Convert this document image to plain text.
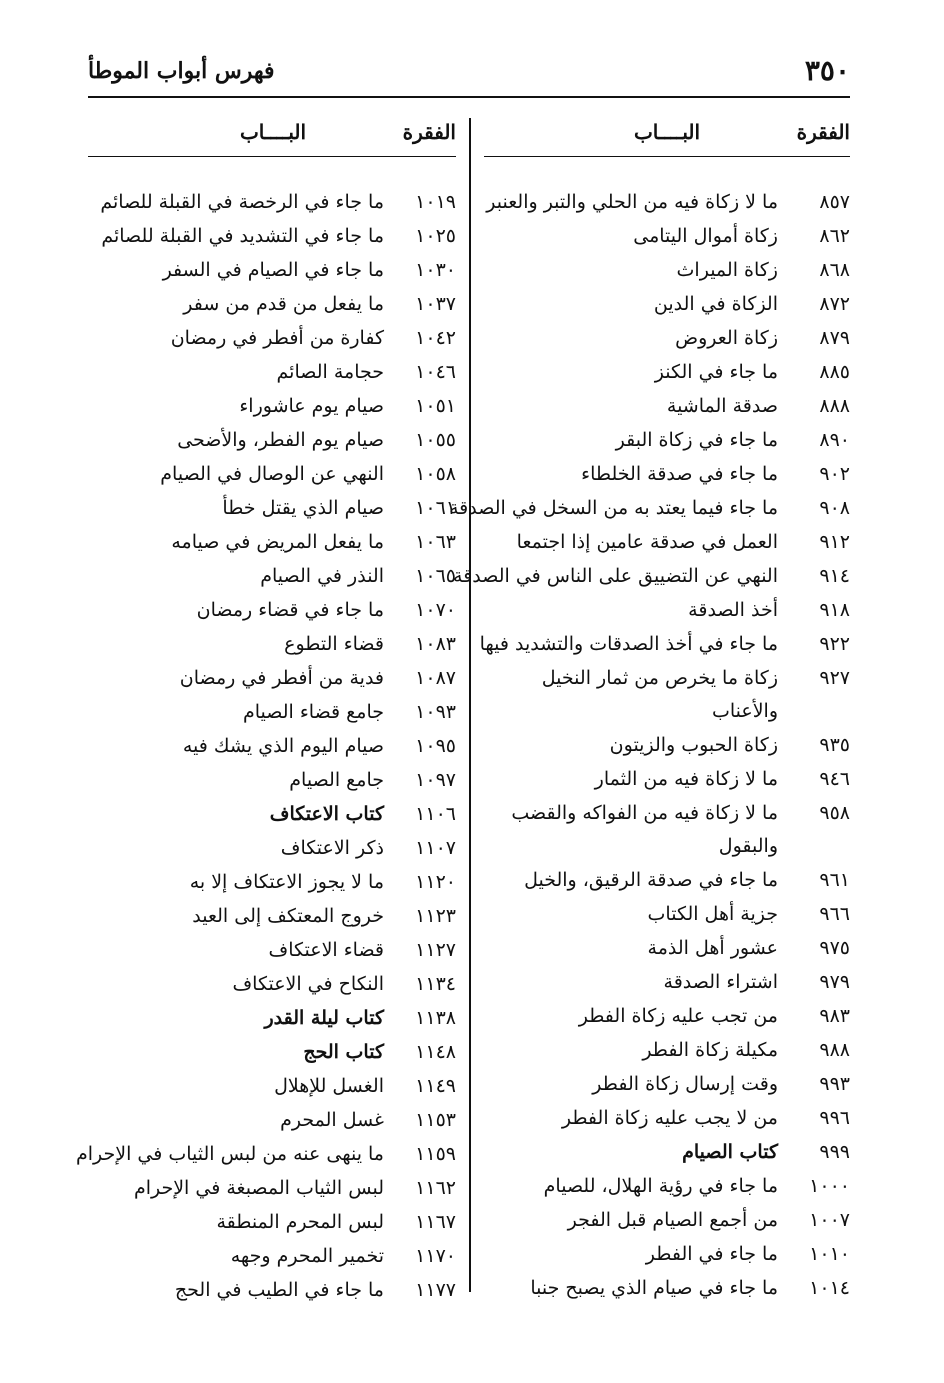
٣٥٠
فهرس أبواب الموطأ
الفقرة
البــــاب
٨٥٧
ما لا زكاة فيه من الحلي والتبر والعنبر
٨٦٢
زكاة أموال اليتامى
٨٦٨
زكاة الميراث
٨٧٢
الزكاة في الدين
٨٧٩
زكاة العروض
٨٨٥
ما جاء في الكنز
٨٨٨
صدقة الماشية
٨٩٠
ما جاء في زكاة البقر
٩٠٢
ما جاء في صدقة الخلطاء
٩٠٨
ما جاء فيما يعتد به من السخل في الصدقة
٩١٢
العمل في صدقة عامين إذا اجتمعا
٩١٤
النهي عن التضييق على الناس في الصدقة
٩١٨
أخذ الصدقة
٩٢٢
ما جاء في أخذ الصدقات والتشديد فيها
٩٢٧
زكاة ما يخرص من ثمار النخيل والأعناب
٩٣٥
زكاة الحبوب والزيتون
٩٤٦
ما لا زكاة فيه من الثمار
٩٥٨
ما لا زكاة فيه من الفواكه والقضب والبقول
٩٦١
ما جاء في صدقة الرقيق، والخيل
٩٦٦
جزية أهل الكتاب
٩٧٥
عشور أهل الذمة
٩٧٩
اشتراء الصدقة
٩٨٣
من تجب عليه زكاة الفطر
٩٨٨
مكيلة زكاة الفطر
٩٩٣
وقت إرسال زكاة الفطر
٩٩٦
من لا يجب عليه زكاة الفطر
٩٩٩
كتاب الصيام
١٠٠٠
ما جاء في رؤية الهلال، للصيام
١٠٠٧
من أجمع الصيام قبل الفجر
١٠١٠
ما جاء في الفطر
١٠١٤
ما جاء في صيام الذي يصبح جنبا
الفقرة
البــــاب
١٠١٩
ما جاء في الرخصة في القبلة للصائم
١٠٢٥
ما جاء في التشديد في القبلة للصائم
١٠٣٠
ما جاء في الصيام في السفر
١٠٣٧
ما يفعل من قدم من سفر
١٠٤٢
كفارة من أفطر في رمضان
١٠٤٦
حجامة الصائم
١٠٥١
صيام يوم عاشوراء
١٠٥٥
صيام يوم الفطر، والأضحى
١٠٥٨
النهي عن الوصال في الصيام
١٠٦١
صيام الذي يقتل خطأ
١٠٦٣
ما يفعل المريض في صيامه
١٠٦٥
النذر في الصيام
١٠٧٠
ما جاء في قضاء رمضان
١٠٨٣
قضاء التطوع
١٠٨٧
فدية من أفطر في رمضان
١٠٩٣
جامع قضاء الصيام
١٠٩٥
صيام اليوم الذي يشك فيه
١٠٩٧
جامع الصيام
١١٠٦
كتاب الاعتكاف
١١٠٧
ذكر الاعتكاف
١١٢٠
ما لا يجوز الاعتكاف إلا به
١١٢٣
خروج المعتكف إلى العيد
١١٢٧
قضاء الاعتكاف
١١٣٤
النكاح في الاعتكاف
١١٣٨
كتاب ليلة القدر
١١٤٨
كتاب الحج
١١٤٩
الغسل للإهلال
١١٥٣
غسل المحرم
١١٥٩
ما ينهى عنه من لبس الثياب في الإحرام
١١٦٢
لبس الثياب المصبغة في الإحرام
١١٦٧
لبس المحرم المنطقة
١١٧٠
تخمير المحرم وجهه
١١٧٧
ما جاء في الطيب في الحج
